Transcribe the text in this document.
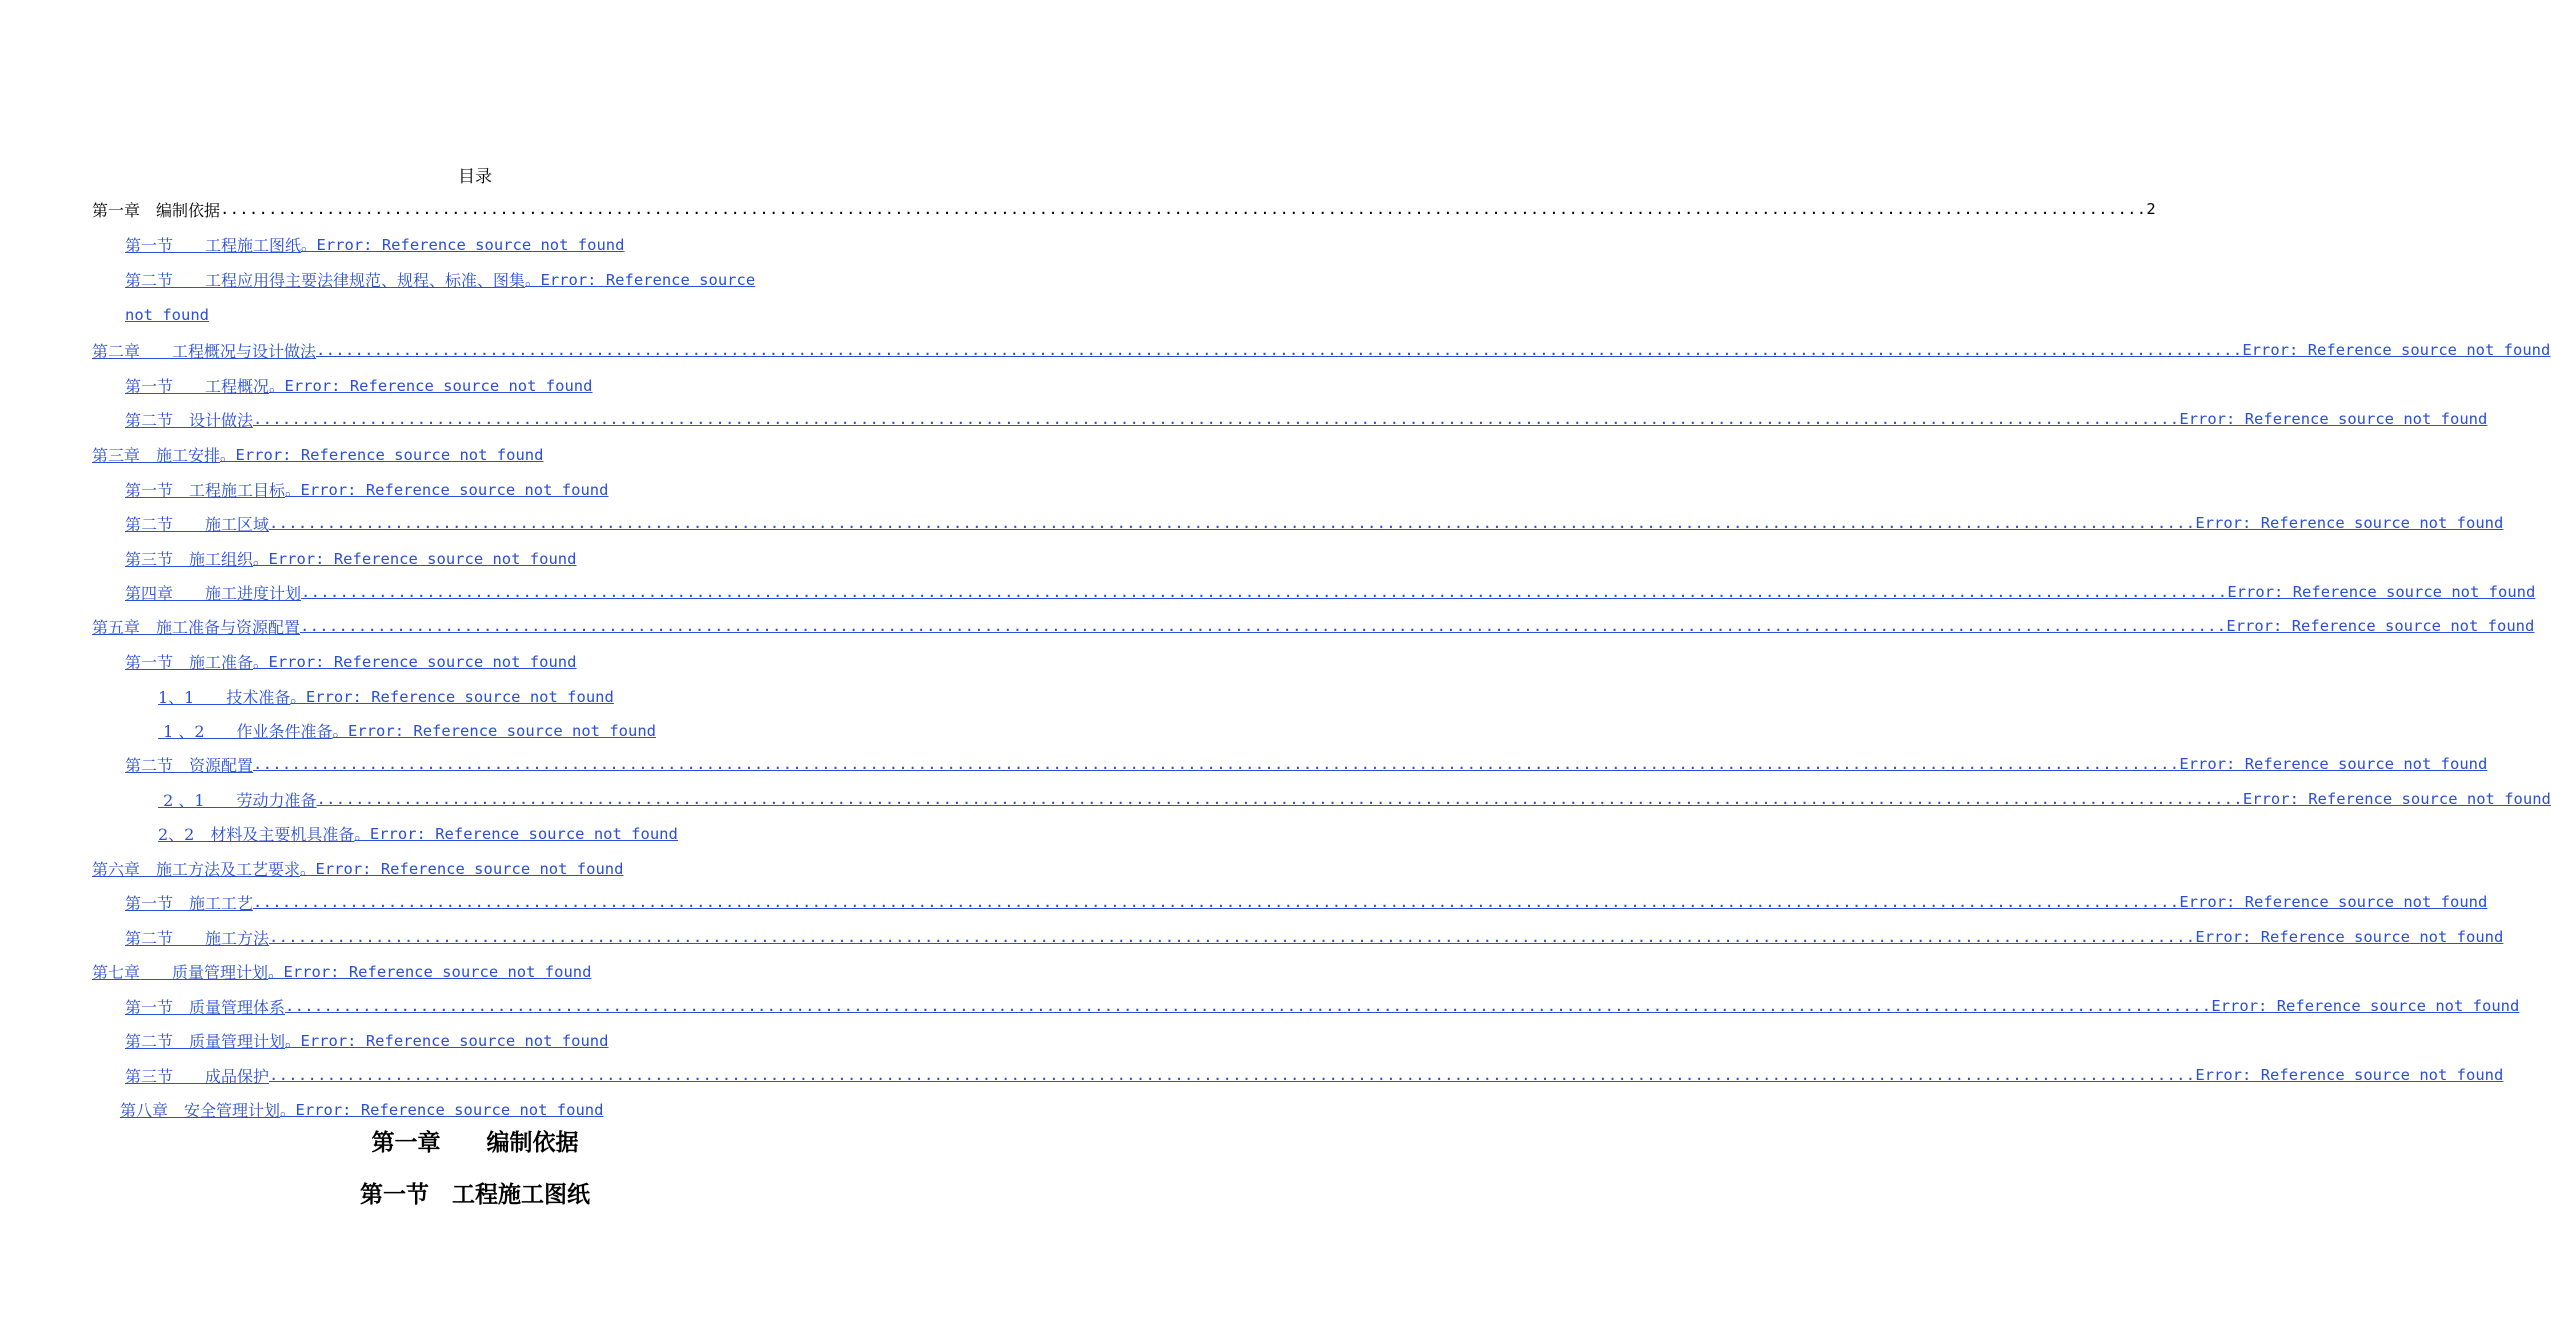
目录
第一章　编制依据 ........................................................................................................................................................................................................ 2
第一节　　工程施工图纸 。Error: Reference source not found
第二节　　工程应用得主要法律规范、规程、标准、图集 。Error: Reference source
not found
第二章　　工程概况与设计做法 ........................................................................................................................................................................................................ Error: Reference source not found
第一节　　工程概况 。Error: Reference source not found
第二节　设计做法 ........................................................................................................................................................................................................ Error: Reference source not found
第三章　施工安排 。Error: Reference source not found
第一节　工程施工目标 。Error: Reference source not found
第二节　　施工区域 ........................................................................................................................................................................................................ Error: Reference source not found
第三节　施工组织 。Error: Reference source not found
第四章　　施工进度计划 ........................................................................................................................................................................................................ Error: Reference source not found
第五章　施工准备与资源配置 ........................................................................................................................................................................................................ Error: Reference source not found
第一节　施工准备 。Error: Reference source not found
1、1　　技术准备 。Error: Reference source not found
1 、2　　作业条件准备 。Error: Reference source not found
第二节　资源配置 ........................................................................................................................................................................................................ Error: Reference source not found
2 、1　　劳动力准备 ........................................................................................................................................................................................................ Error: Reference source not found
2、2　材料及主要机具准备 。Error: Reference source not found
第六章　施工方法及工艺要求 。Error: Reference source not found
第一节　施工工艺 ........................................................................................................................................................................................................ Error: Reference source not found
第二节　　施工方法 ........................................................................................................................................................................................................ Error: Reference source not found
第七章　　质量管理计划 。Error: Reference source not found
第一节　质量管理体系 ........................................................................................................................................................................................................ Error: Reference source not found
第二节　质量管理计划 。Error: Reference source not found
第三节　　成品保护 ........................................................................................................................................................................................................ Error: Reference source not found
第八章　安全管理计划 。Error: Reference source not found
第一章　　编制依据
第一节　工程施工图纸
